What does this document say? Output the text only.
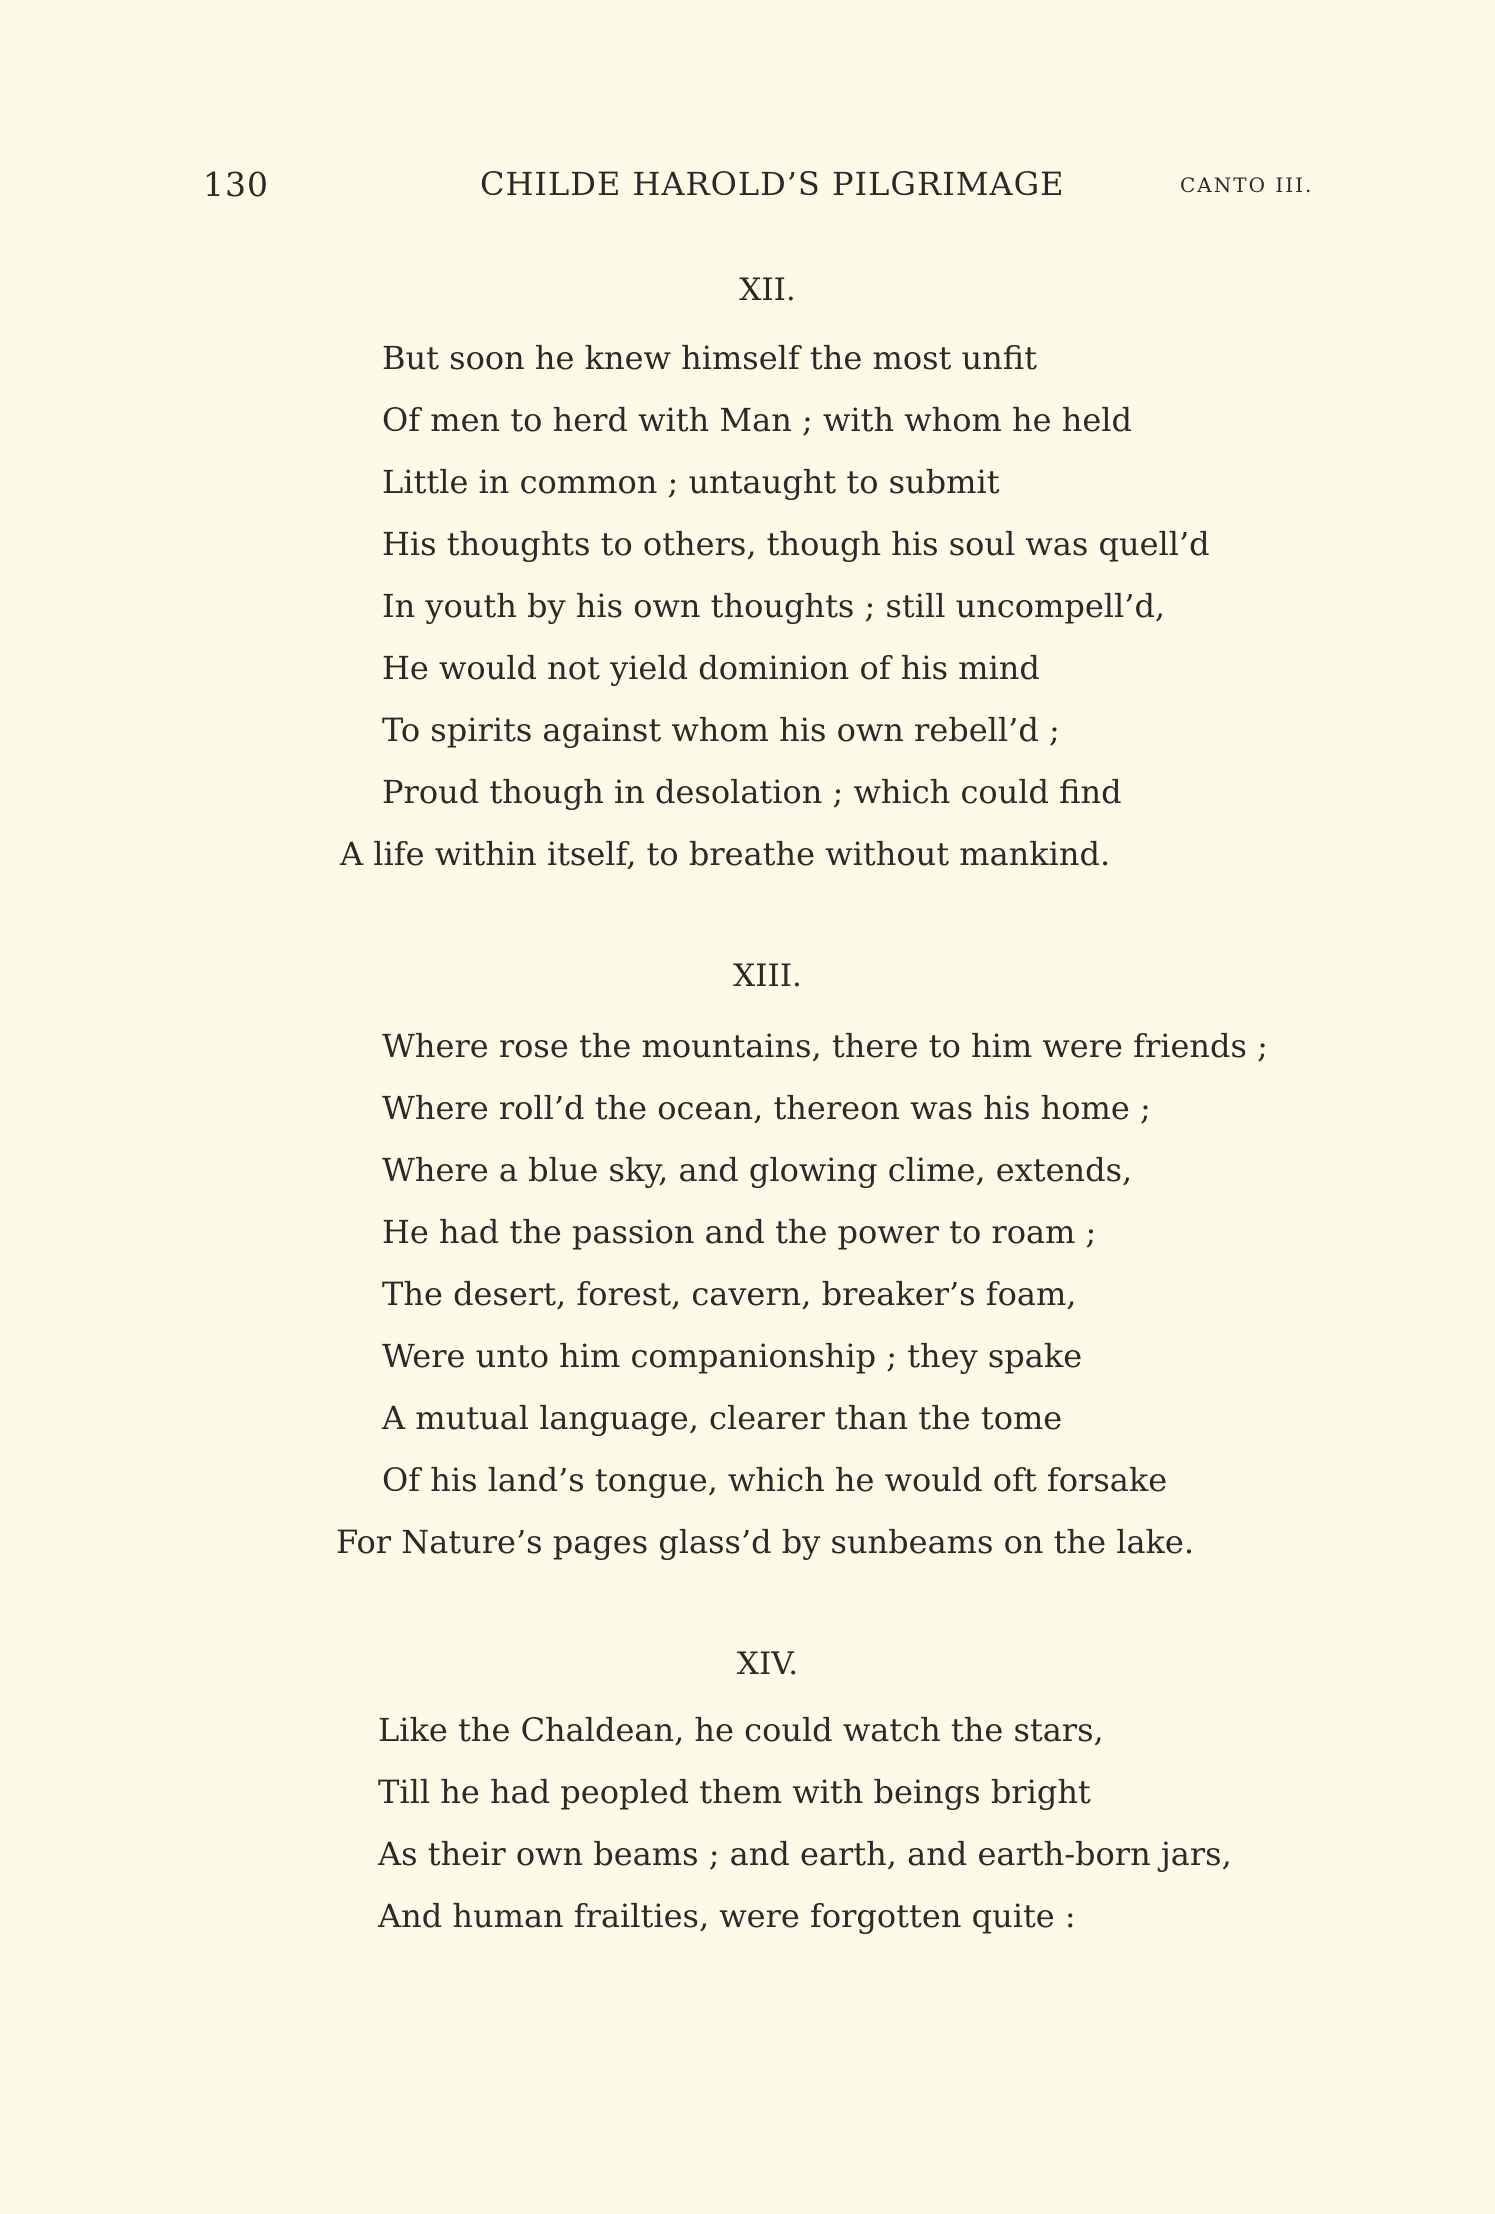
130	CHILDE HAROLD’S PILGRIMAGE	CANTO III.
XII.
But soon he knew himself the most unfit
Of men to herd with Man ; with whom he held
Little in common ; untaught to submit
His thoughts to others, though his soul was quell’d
In youth by his own thoughts ; still uncompell’d,
He would not yield dominion of his mind
To spirits against whom his own rebell’d ;
Proud though in desolation ; which could find
A life within itself, to breathe without mankind.
XIII.
Where rose the mountains, there to him were friends ;
Where roll’d the ocean, thereon was his home ;
Where a blue sky, and glowing clime, extends,
He had the passion and the power to roam ;
The desert, forest, cavern, breaker’s foam,
Were unto him companionship ; they spake
A mutual language, clearer than the tome
Of his land’s tongue, which he would oft forsake
For Nature’s pages glass’d by sunbeams on the lake.
XIV.
Like the Chaldean, he could watch the stars,
Till he had peopled them with beings bright
As their own beams ; and earth, and earth-born jars,
And human frailties, were forgotten quite :
